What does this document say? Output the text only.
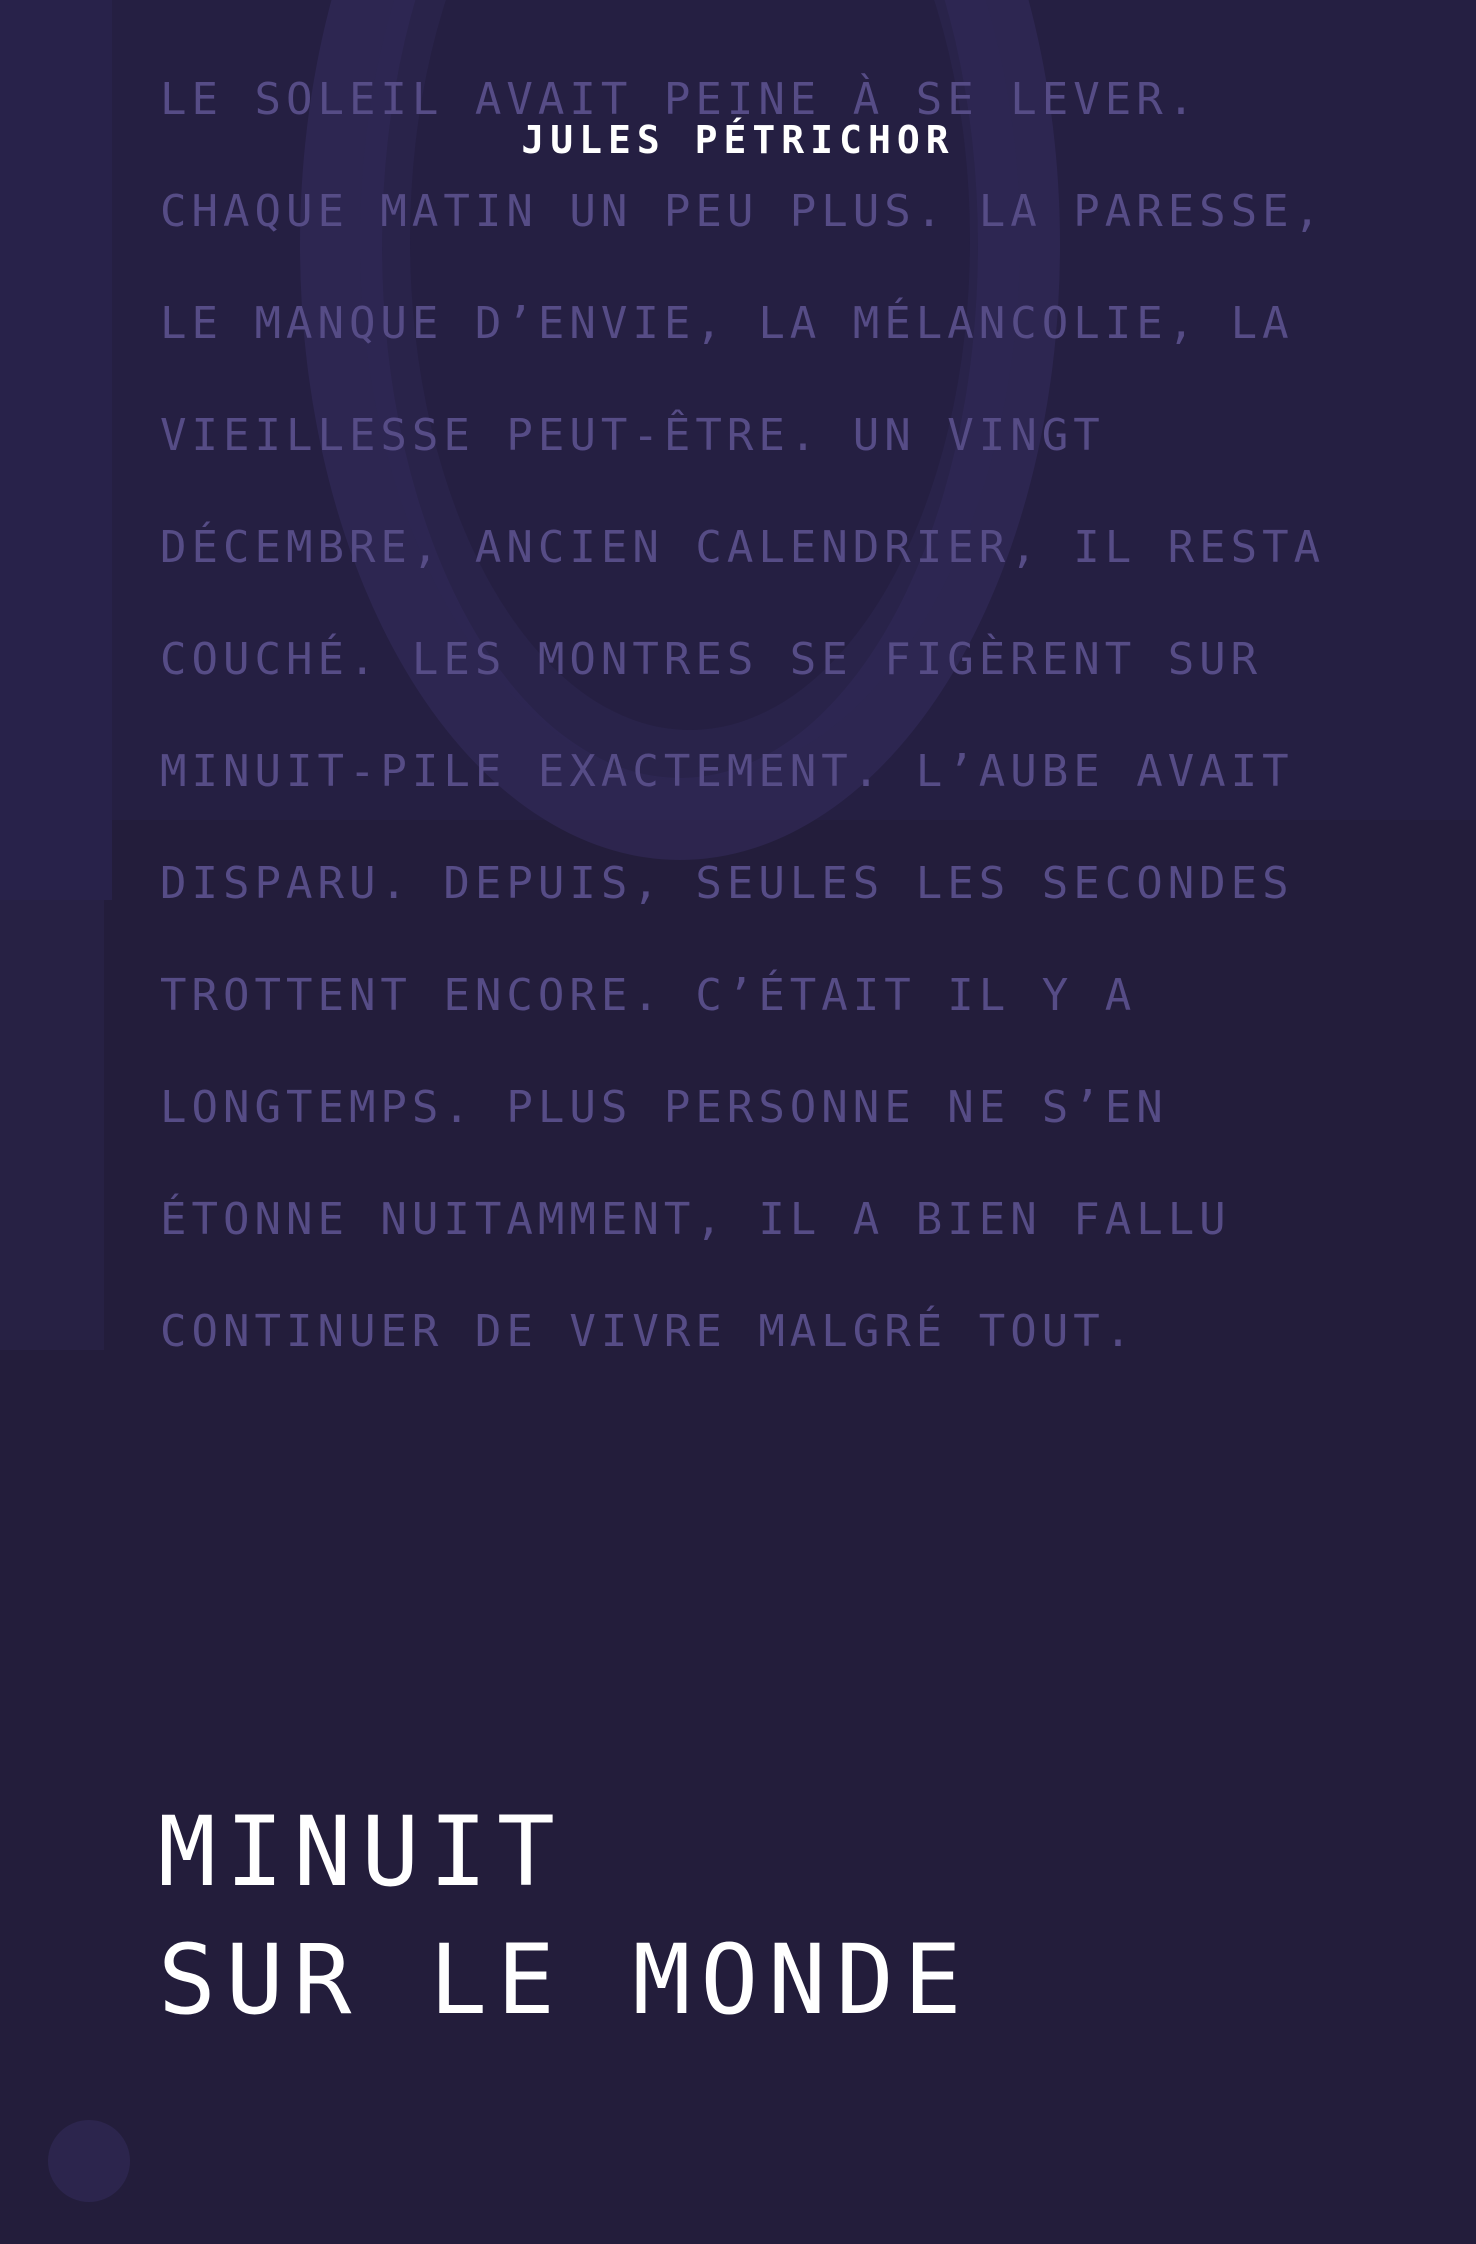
LE SOLEIL AVAIT PEINE À SE LEVER. CHAQUE MATIN UN PEU PLUS. LA PARESSE, LE MANQUE D’ENVIE, LA MÉLANCOLIE, LA VIEILLESSE PEUT-ÊTRE. UN VINGT DÉCEMBRE, ANCIEN CALENDRIER, IL RESTA COUCHÉ. LES MONTRES SE FIGÈRENT SUR MINUIT-PILE EXACTEMENT. L’AUBE AVAIT DISPARU. DEPUIS, SEULES LES SECONDES TROTTENT ENCORE. C’ÉTAIT IL Y A LONGTEMPS. PLUS PERSONNE NE S’EN ÉTONNE NUITAMMENT, IL A BIEN FALLU CONTINUER DE VIVRE MALGRÉ TOUT.
JULES PÉTRICHOR
MINUIT
SUR LE MONDE
